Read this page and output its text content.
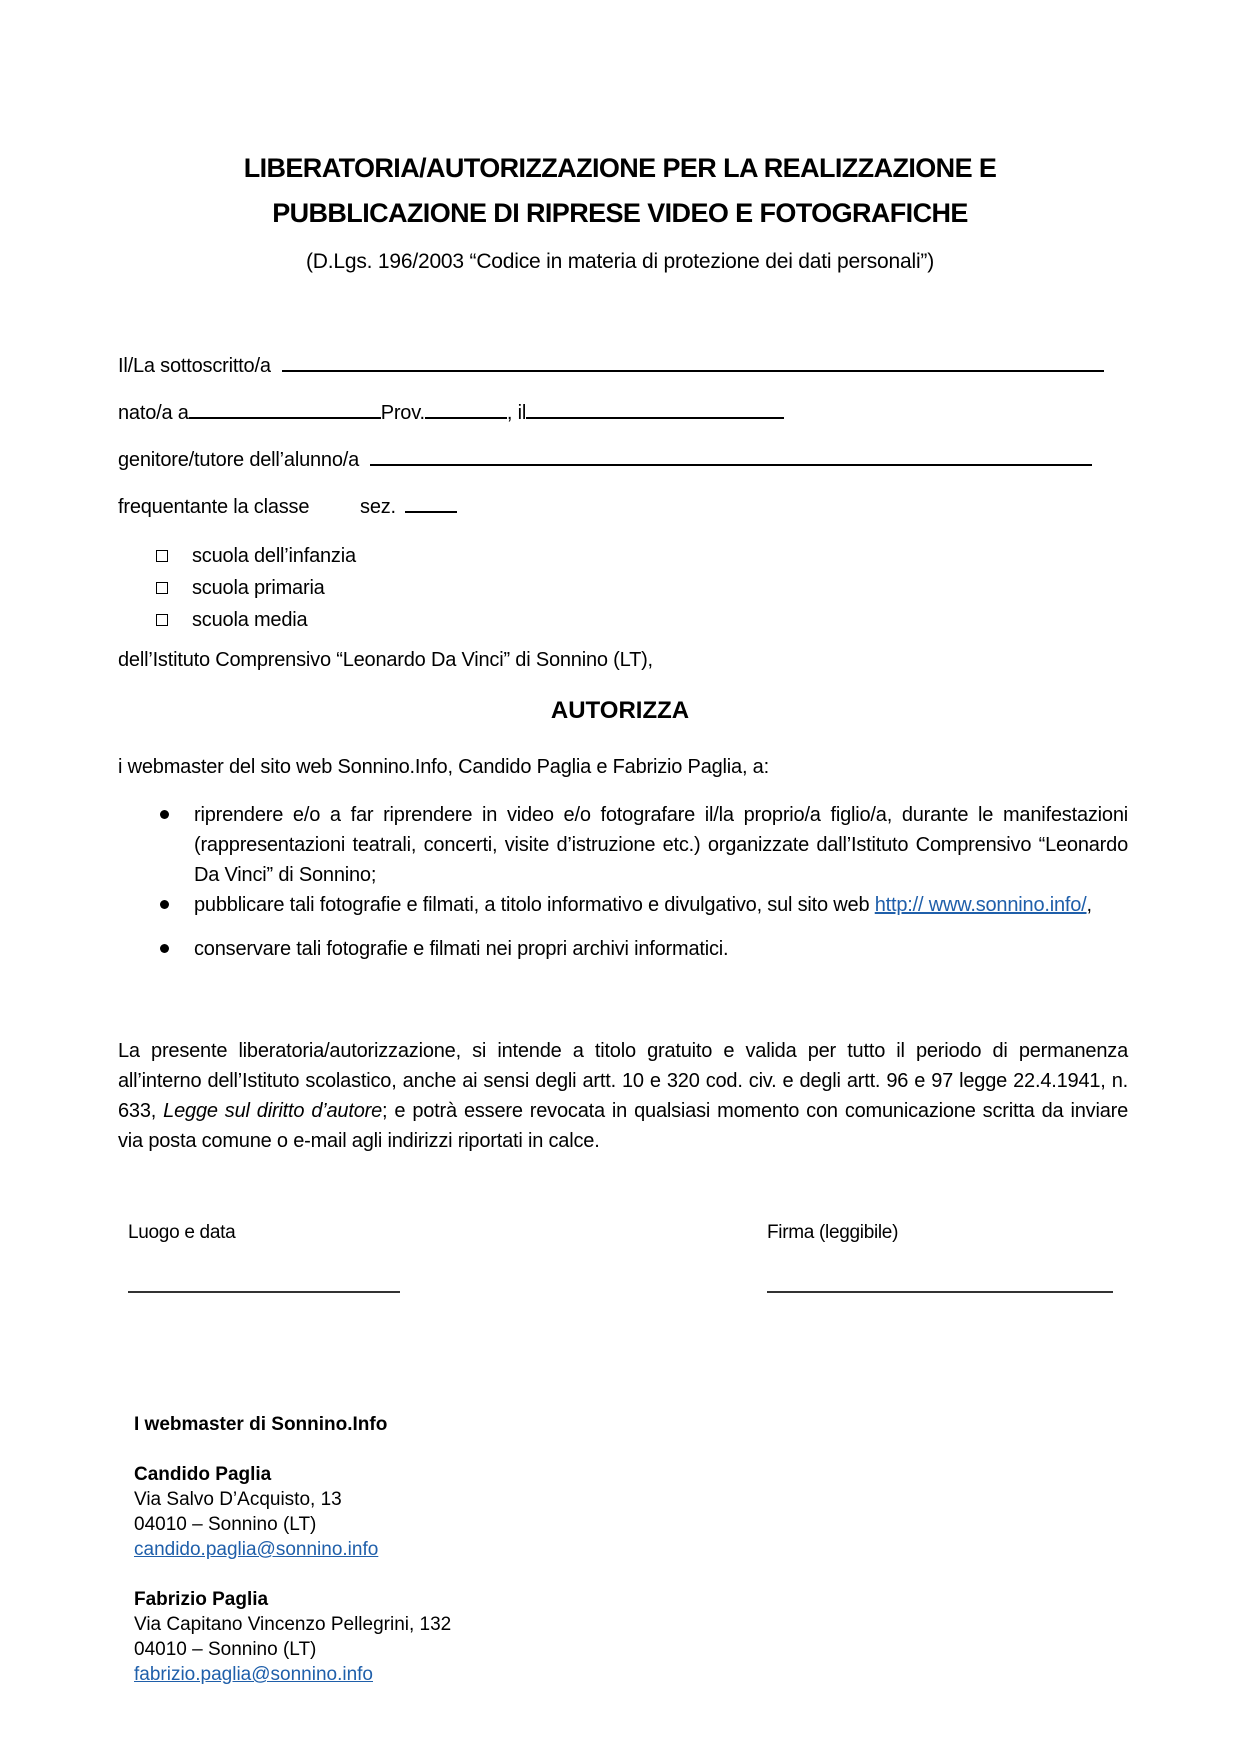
LIBERATORIA/AUTORIZZAZIONE PER LA REALIZZAZIONE E
PUBBLICAZIONE DI RIPRESE VIDEO E FOTOGRAFICHE
(D.Lgs. 196/2003 “Codice in materia di protezione dei dati personali”)
Il/La sottoscritto/a
nato/a a	Prov.	, il
genitore/tutore dell’alunno/a
frequentante la classe	sez.
scuola dell’infanzia
scuola primaria
scuola media
dell’Istituto Comprensivo “Leonardo Da Vinci” di Sonnino (LT),
AUTORIZZA
i webmaster del sito web Sonnino.Info, Candido Paglia e Fabrizio Paglia, a:
riprendere e/o a far riprendere in video e/o fotografare il/la proprio/a figlio/a, durante le manifestazioni (rappresentazioni teatrali, concerti, visite d’istruzione etc.) organizzate dall’Istituto Comprensivo “Leonardo Da Vinci” di Sonnino;
pubblicare tali fotografie e filmati, a titolo informativo e divulgativo, sul sito web http:// www.sonnino.info/,
conservare tali fotografie e filmati nei propri archivi informatici.
La presente liberatoria/autorizzazione, si intende a titolo gratuito e valida per tutto il periodo di permanenza all’interno dell’Istituto scolastico, anche ai sensi degli artt. 10 e 320 cod. civ. e degli artt. 96 e 97 legge 22.4.1941, n. 633, Legge sul diritto d’autore; e potrà essere revocata in qualsiasi momento con comunicazione scritta da inviare via posta comune o e-mail agli indirizzi riportati in calce.
Luogo e data	Firma (leggibile)
I webmaster di Sonnino.Info
Candido Paglia
Via Salvo D’Acquisto, 13
04010 – Sonnino (LT)
candido.paglia@sonnino.info
Fabrizio Paglia
Via Capitano Vincenzo Pellegrini, 132
04010 – Sonnino (LT)
fabrizio.paglia@sonnino.info
